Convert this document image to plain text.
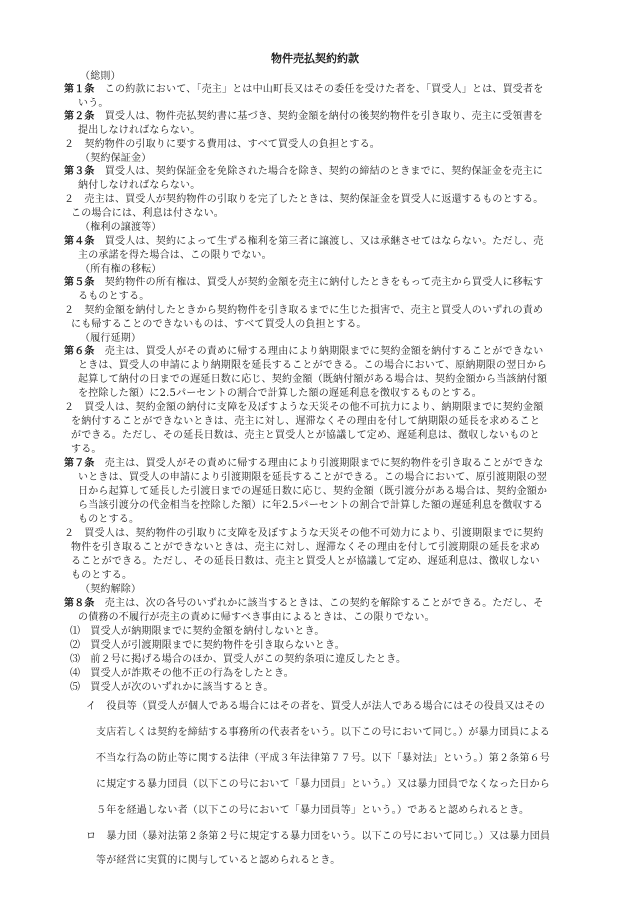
物件売払契約約款
（総則）
第１条　この約款において、「売主」とは中山町長又はその委任を受けた者を、「買受人」とは、買受者を
いう。
第２条　買受人は、物件売払契約書に基づき、契約金額を納付の後契約物件を引き取り、売主に受領書を
提出しなければならない。
２　契約物件の引取りに要する費用は、すべて買受人の負担とする。
（契約保証金）
第３条　買受人は、契約保証金を免除された場合を除き、契約の締結のときまでに、契約保証金を売主に
納付しなければならない。
２　売主は、買受人が契約物件の引取りを完了したときは、契約保証金を買受人に返還するものとする。
この場合には、利息は付さない。
（権利の譲渡等）
第４条　買受人は、契約によって生ずる権利を第三者に譲渡し、又は承継させてはならない。ただし、売
主の承諾を得た場合は、この限りでない。
（所有権の移転）
第５条　契約物件の所有権は、買受人が契約金額を売主に納付したときをもって売主から買受人に移転す
るものとする。
２　契約金額を納付したときから契約物件を引き取るまでに生じた損害で、売主と買受人のいずれの責め
にも帰することのできないものは、すべて買受人の負担とする。
（履行延期）
第６条　売主は、買受人がその責めに帰する理由により納期限までに契約金額を納付することができない
ときは、買受人の申請により納期限を延長することができる。この場合において、原納期限の翌日から
起算して納付の日までの遅延日数に応じ、契約金額（既納付額がある場合は、契約金額から当該納付額
を控除した額）に2.5パーセントの割合で計算した額の遅延利息を徴収するものとする。
２　買受人は、契約金額の納付に支障を及ぼすような天災その他不可抗力により、納期限までに契約金額
を納付することができないときは、売主に対し、遅滞なくその理由を付して納期限の延長を求めること
ができる。ただし、その延長日数は、売主と買受人とが協議して定め、遅延利息は、徴収しないものと
する。
第７条　売主は、買受人がその責めに帰する理由により引渡期限までに契約物件を引き取ることができな
いときは、買受人の申請により引渡期限を延長することができる。この場合において、原引渡期限の翌
日から起算して延長した引渡日までの遅延日数に応じ、契約金額（既引渡分がある場合は、契約金額か
ら当該引渡分の代金相当を控除した額）に年2.5パーセントの割合で計算した額の遅延利息を徴収する
ものとする。
２　買受人は、契約物件の引取りに支障を及ぼすような天災その他不可効力により、引渡期限までに契約
物件を引き取ることができないときは、売主に対し、遅滞なくその理由を付して引渡期限の延長を求め
ることができる。ただし、その延長日数は、売主と買受人とが協議して定め、遅延利息は、徴収しない
ものとする。
（契約解除）
第８条　売主は、次の各号のいずれかに該当するときは、この契約を解除することができる。ただし、そ
の債務の不履行が売主の責めに帰すべき事由によるときは、この限りでない。
⑴　買受人が納期限までに契約金額を納付しないとき。
⑵　買受人が引渡期限までに契約物件を引き取らないとき。
⑶　前２号に掲げる場合のほか、買受人がこの契約条項に違反したとき。
⑷　買受人が詐欺その他不正の行為をしたとき。
⑸　買受人が次のいずれかに該当するとき。
イ　役員等（買受人が個人である場合にはその者を、買受人が法人である場合にはその役員又はその
支店若しくは契約を締結する事務所の代表者をいう。以下この号において同じ。）が暴力団員による
不当な行為の防止等に関する法律（平成３年法律第７７号。以下「暴対法」という。）第２条第６号
に規定する暴力団員（以下この号において「暴力団員」という。）又は暴力団員でなくなった日から
５年を経過しない者（以下この号において「暴力団員等」という。）であると認められるとき。
ロ　暴力団（暴対法第２条第２号に規定する暴力団をいう。以下この号において同じ。）又は暴力団員
等が経営に実質的に関与していると認められるとき。
